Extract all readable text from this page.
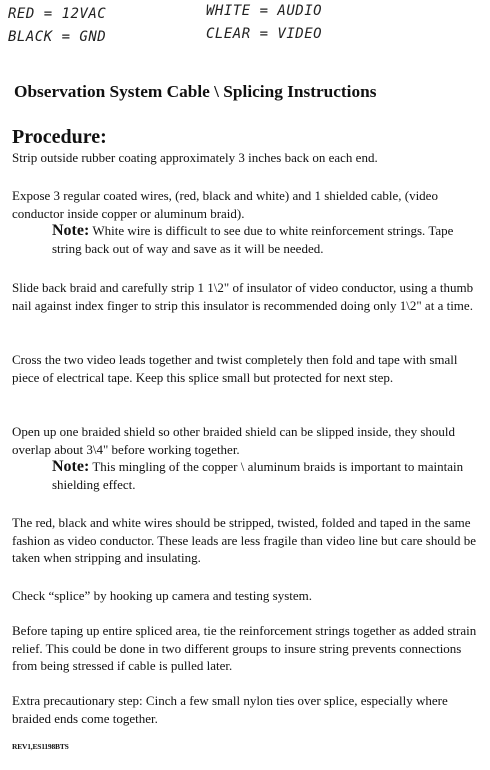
RED = 12VAC
BLACK = GND
WHITE = AUDIO
CLEAR = VIDEO
Observation System Cable \ Splicing Instructions
Procedure:
Strip outside rubber coating approximately 3 inches back on each end.
Expose 3 regular coated wires, (red, black and white) and 1 shielded cable, (video conductor inside copper or aluminum braid).
Note: White wire is difficult to see due to white reinforcement strings. Tape string back out of way and save as it will be needed.
Slide back braid and carefully strip 1 1\2" of insulator of video conductor, using a thumb nail against index finger to strip this insulator is recommended doing only 1\2" at a time.
Cross the two video leads together and twist completely then fold and tape with small piece of electrical tape. Keep this splice small but protected for next step.
Open up one braided shield so other braided shield can be slipped inside, they should overlap about 3\4" before working together.
Note: This mingling of the copper \ aluminum braids is important to maintain shielding effect.
The red, black and white wires should be stripped, twisted, folded and taped in the same fashion as video conductor. These leads are less fragile than video line but care should be taken when stripping and insulating.
Check “splice” by hooking up camera and testing system.
Before taping up entire spliced area, tie the reinforcement strings together as added strain relief. This could be done in two different groups to insure string prevents connections from being stressed if cable is pulled later.
Extra precautionary step: Cinch a few small nylon ties over splice, especially where braided ends come together.
REV1,ES1198BTS
